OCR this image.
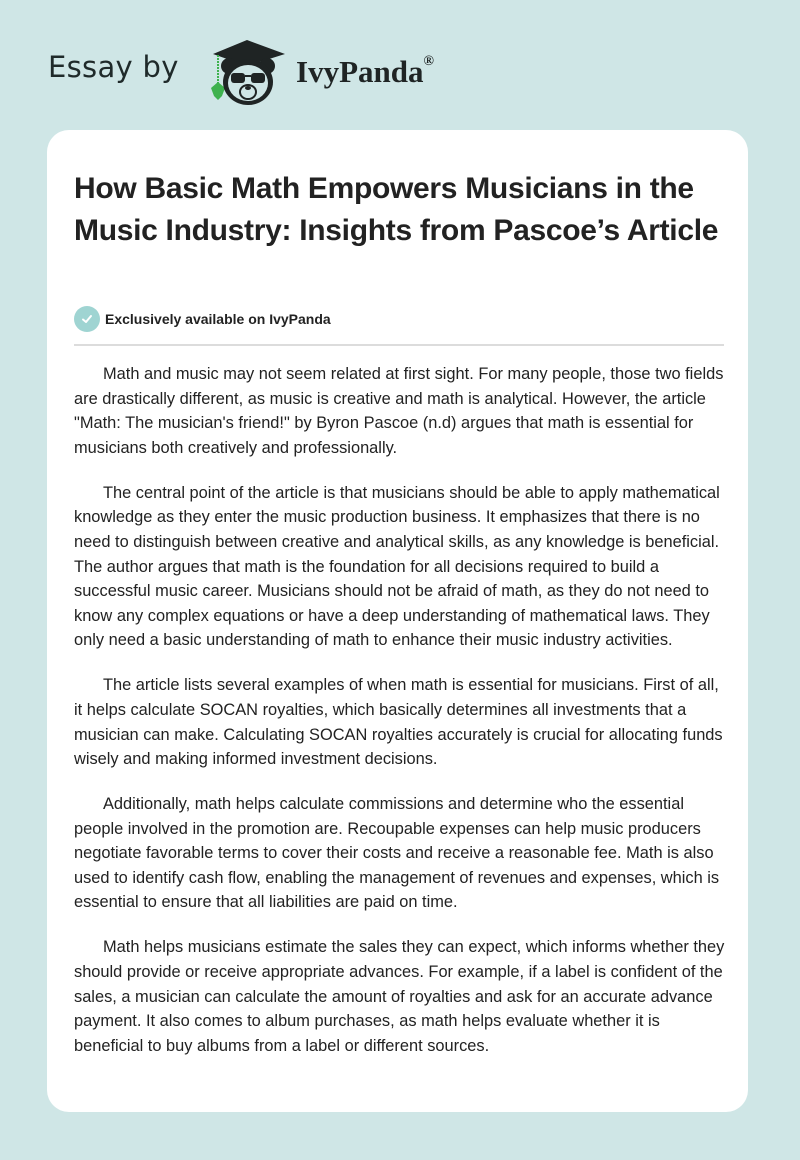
Essay by	IvyPanda®
How Basic Math Empowers Musicians in the Music Industry: Insights from Pascoe’s Article
Exclusively available on IvyPanda

Math and music may not seem related at first sight. For many people, those two fields are drastically different, as music is creative and math is analytical. However, the article "Math: The musician's friend!" by Byron Pascoe (n.d) argues that math is essential for musicians both creatively and professionally.

The central point of the article is that musicians should be able to apply mathematical knowledge as they enter the music production business. It emphasizes that there is no need to distinguish between creative and analytical skills, as any knowledge is beneficial. The author argues that math is the foundation for all decisions required to build a successful music career. Musicians should not be afraid of math, as they do not need to know any complex equations or have a deep understanding of mathematical laws. They only need a basic understanding of math to enhance their music industry activities.

The article lists several examples of when math is essential for musicians. First of all, it helps calculate SOCAN royalties, which basically determines all investments that a musician can make. Calculating SOCAN royalties accurately is crucial for allocating funds wisely and making informed investment decisions.

Additionally, math helps calculate commissions and determine who the essential people involved in the promotion are. Recoupable expenses can help music producers negotiate favorable terms to cover their costs and receive a reasonable fee. Math is also used to identify cash flow, enabling the management of revenues and expenses, which is essential to ensure that all liabilities are paid on time.

Math helps musicians estimate the sales they can expect, which informs whether they should provide or receive appropriate advances. For example, if a label is confident of the sales, a musician can calculate the amount of royalties and ask for an accurate advance payment. It also comes to album purchases, as math helps evaluate whether it is beneficial to buy albums from a label or different sources.
